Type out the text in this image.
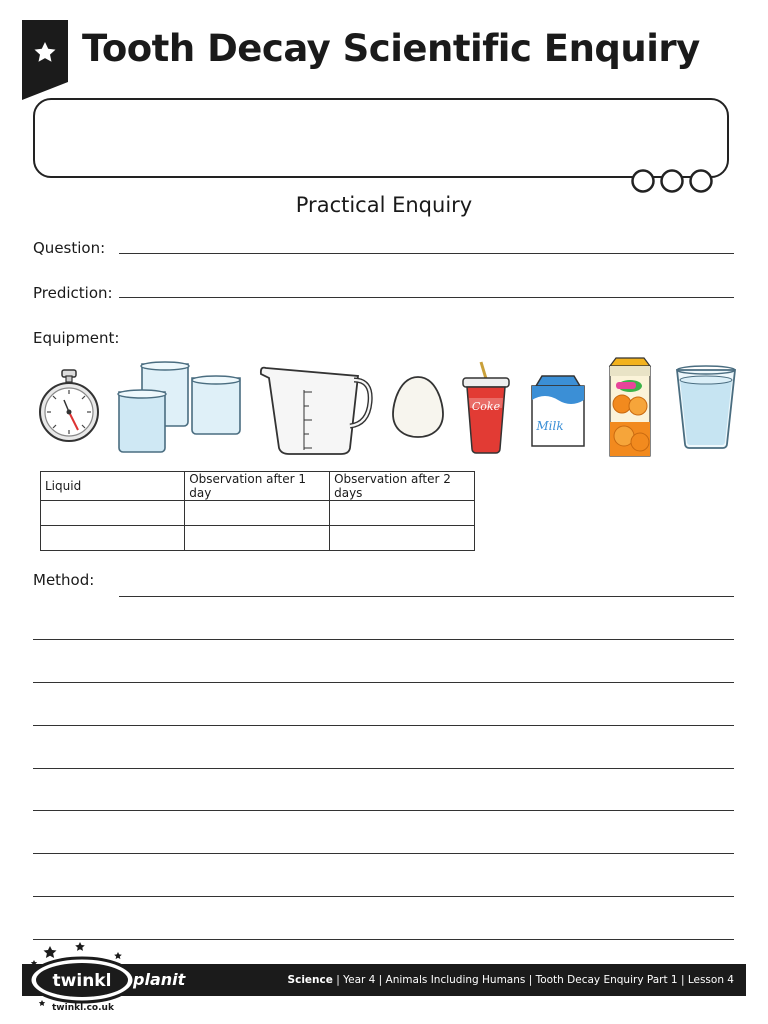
Tooth Decay Scientific Enquiry
Practical Enquiry
Question:
Prediction:
Equipment:
Coke
Milk
Liquid	Observation after 1 day	Observation after 2 days

Method:
twinkl planit
twinkl.co.uk
Science | Year 4 | Animals Including Humans | Tooth Decay Enquiry Part 1 | Lesson 4
